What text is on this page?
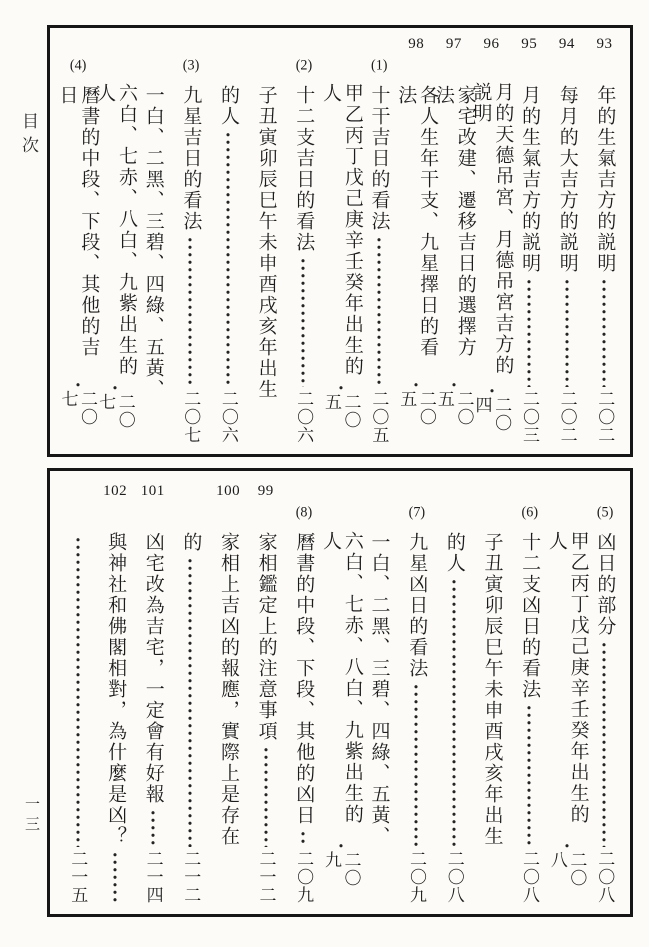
目次
一三
93
年的生氣吉方的説明
二〇二
94
每月的大吉方的説明
二〇二
95
月的生氣吉方的説明
二〇三
96
月的天德吊宮、月德吊宮吉方的説明
二〇四
97
家宅改建、遷移吉日的選擇方法
二〇五
98
各人生年干支、九星擇日的看法
二〇五
(1)
十干吉日的看法
二〇五
甲乙丙丁戊己庚辛壬癸年出生的人
二〇五
(2)
十二支吉日的看法
二〇六
子丑寅卯辰巳午未申酉戌亥年出生
的人
二〇六
(3)
九星吉日的看法
二〇七
一白、二黑、三碧、四綠、五黃、
六白、七赤、八白、九紫出生的人
二〇七
(4)
曆書的中段、下段、其他的吉日
二〇七
(5)
凶日的部分
二〇八
甲乙丙丁戊己庚辛壬癸年出生的人
二〇八
(6)
十二支凶日的看法
二〇八
子丑寅卯辰巳午未申酉戌亥年出生
的人
二〇八
(7)
九星凶日的看法
二〇九
一白、二黑、三碧、四綠、五黃、
六白、七赤、八白、九紫出生的人
二〇九
(8)
曆書的中段、下段、其他的凶日
二〇九
99
家相鑑定上的注意事項
二一二
100
家相上吉凶的報應，實際上是存在
的
二一二
101
凶宅改為吉宅，一定會有好報
二一四
102
與神社和佛閣相對，為什麼是凶？
二一五
